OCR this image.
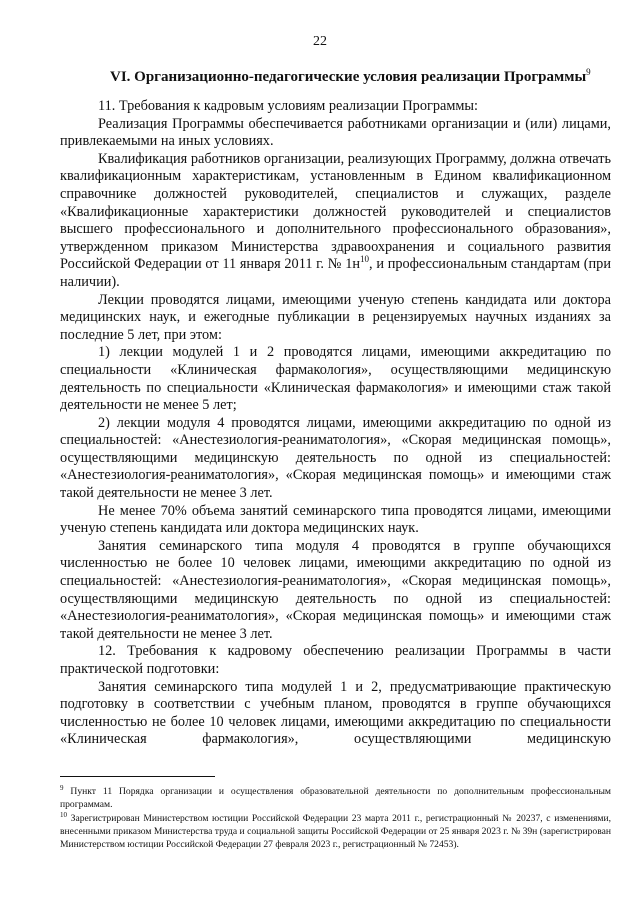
22
VI. Организационно-педагогические условия реализации Программы$^9$

11. Требования к кадровым условиям реализации Программы:

Реализация Программы обеспечивается работниками организации и (или) лицами, привлекаемыми на иных условиях.

Квалификация работников организации, реализующих Программу, должна отвечать квалификационным характеристикам, установленным в Едином квалификационном справочнике должностей руководителей, специалистов и служащих, разделе «Квалификационные характеристики должностей руководителей и специалистов высшего профессионального и дополнительного профессионального образования», утвержденном приказом Министерства здравоохранения и социального развития Российской Федерации от 11 января 2011 г. № $1н^{10}$, и профессиональным стандартам (при наличии).

Лекции проводятся лицами, имеющими ученую степень кандидата или доктора медицинских наук, и ежегодные публикации в рецензируемых научных изданиях за последние 5 лет, при этом:

1) лекции модулей 1 и 2 проводятся лицами, имеющими аккредитацию по специальности «Клиническая фармакология», осуществляющими медицинскую деятельность по специальности «Клиническая фармакология» и имеющими стаж такой деятельности не менее 5 лет;

2) лекции модуля 4 проводятся лицами, имеющими аккредитацию по одной из специальностей: «Анестезиология-реаниматология», «Скорая медицинская помощь», осуществляющими медицинскую деятельность по одной из специальностей: «Анестезиология-реаниматология», «Скорая медицинская помощь» и имеющими стаж такой деятельности не менее 3 лет.

Не менее 70% объема занятий семинарского типа проводятся лицами, имеющими ученую степень кандидата или доктора медицинских наук.

Занятия семинарского типа модуля 4 проводятся в группе обучающихся численностью не более 10 человек лицами, имеющими аккредитацию по одной из специальностей: «Анестезиология-реаниматология», «Скорая медицинская помощь», осуществляющими медицинскую деятельность по одной из специальностей: «Анестезиология-реаниматология», «Скорая медицинская помощь» и имеющими стаж такой деятельности не менее 3 лет.

12. Требования к кадровому обеспечению реализации Программы в части практической подготовки:

Занятия семинарского типа модулей 1 и 2, предусматривающие практическую подготовку в соответствии с учебным планом, проводятся в группе обучающихся численностью не более 10 человек лицами, имеющими аккредитацию по специальности «Клиническая фармакология», осуществляющими медицинскую

$^9$ Пункт 11 Порядка организации и осуществления образовательной деятельности по дополнительным профессиональным программам.

$^{10}$ Зарегистрирован Министерством юстиции Российской Федерации 23 марта 2011 г., регистрационный № 20237, с изменениями, внесенными приказом Министерства труда и социальной защиты Российской Федерации от 25 января 2023 г. № 39н (зарегистрирован Министерством юстиции Российской Федерации 27 февраля 2023 г., регистрационный № 72453).
